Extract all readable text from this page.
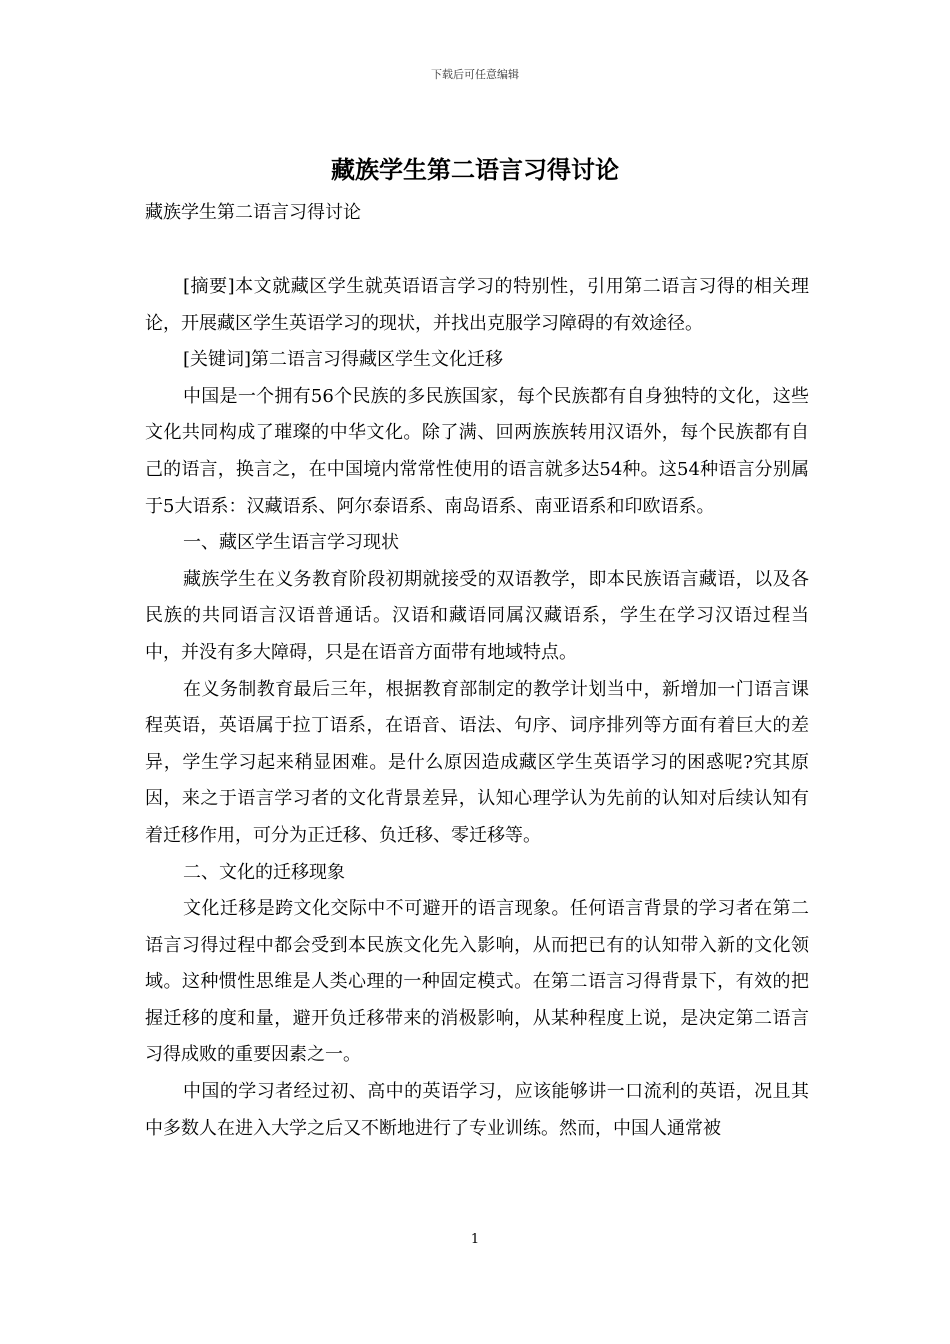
下载后可任意编辑
藏族学生第二语言习得讨论

藏族学生第二语言习得讨论

[摘要]本文就藏区学生就英语语言学习的特别性，引用第二语言习得的相关理论，开展藏区学生英语学习的现状，并找出克服学习障碍的有效途径。

[关键词]第二语言习得藏区学生文化迁移

中国是一个拥有56个民族的多民族国家，每个民族都有自身独特的文化，这些文化共同构成了璀璨的中华文化。除了满、回两族族转用汉语外，每个民族都有自己的语言，换言之，在中国境内常常性使用的语言就多达54种。这54种语言分别属于5大语系：汉藏语系、阿尔泰语系、南岛语系、南亚语系和印欧语系。

一、藏区学生语言学习现状

藏族学生在义务教育阶段初期就接受的双语教学，即本民族语言藏语，以及各民族的共同语言汉语普通话。汉语和藏语同属汉藏语系，学生在学习汉语过程当中，并没有多大障碍，只是在语音方面带有地域特点。

在义务制教育最后三年，根据教育部制定的教学计划当中，新增加一门语言课程英语，英语属于拉丁语系，在语音、语法、句序、词序排列等方面有着巨大的差异，学生学习起来稍显困难。是什么原因造成藏区学生英语学习的困惑呢?究其原因，来之于语言学习者的文化背景差异，认知心理学认为先前的认知对后续认知有着迁移作用，可分为正迁移、负迁移、零迁移等。

二、文化的迁移现象

文化迁移是跨文化交际中不可避开的语言现象。任何语言背景的学习者在第二语言习得过程中都会受到本民族文化先入影响，从而把已有的认知带入新的文化领域。这种惯性思维是人类心理的一种固定模式。在第二语言习得背景下，有效的把握迁移的度和量，避开负迁移带来的消极影响，从某种程度上说，是决定第二语言习得成败的重要因素之一。

中国的学习者经过初、高中的英语学习，应该能够讲一口流利的英语，况且其中多数人在进入大学之后又不断地进行了专业训练。然而，中国人通常被

1
